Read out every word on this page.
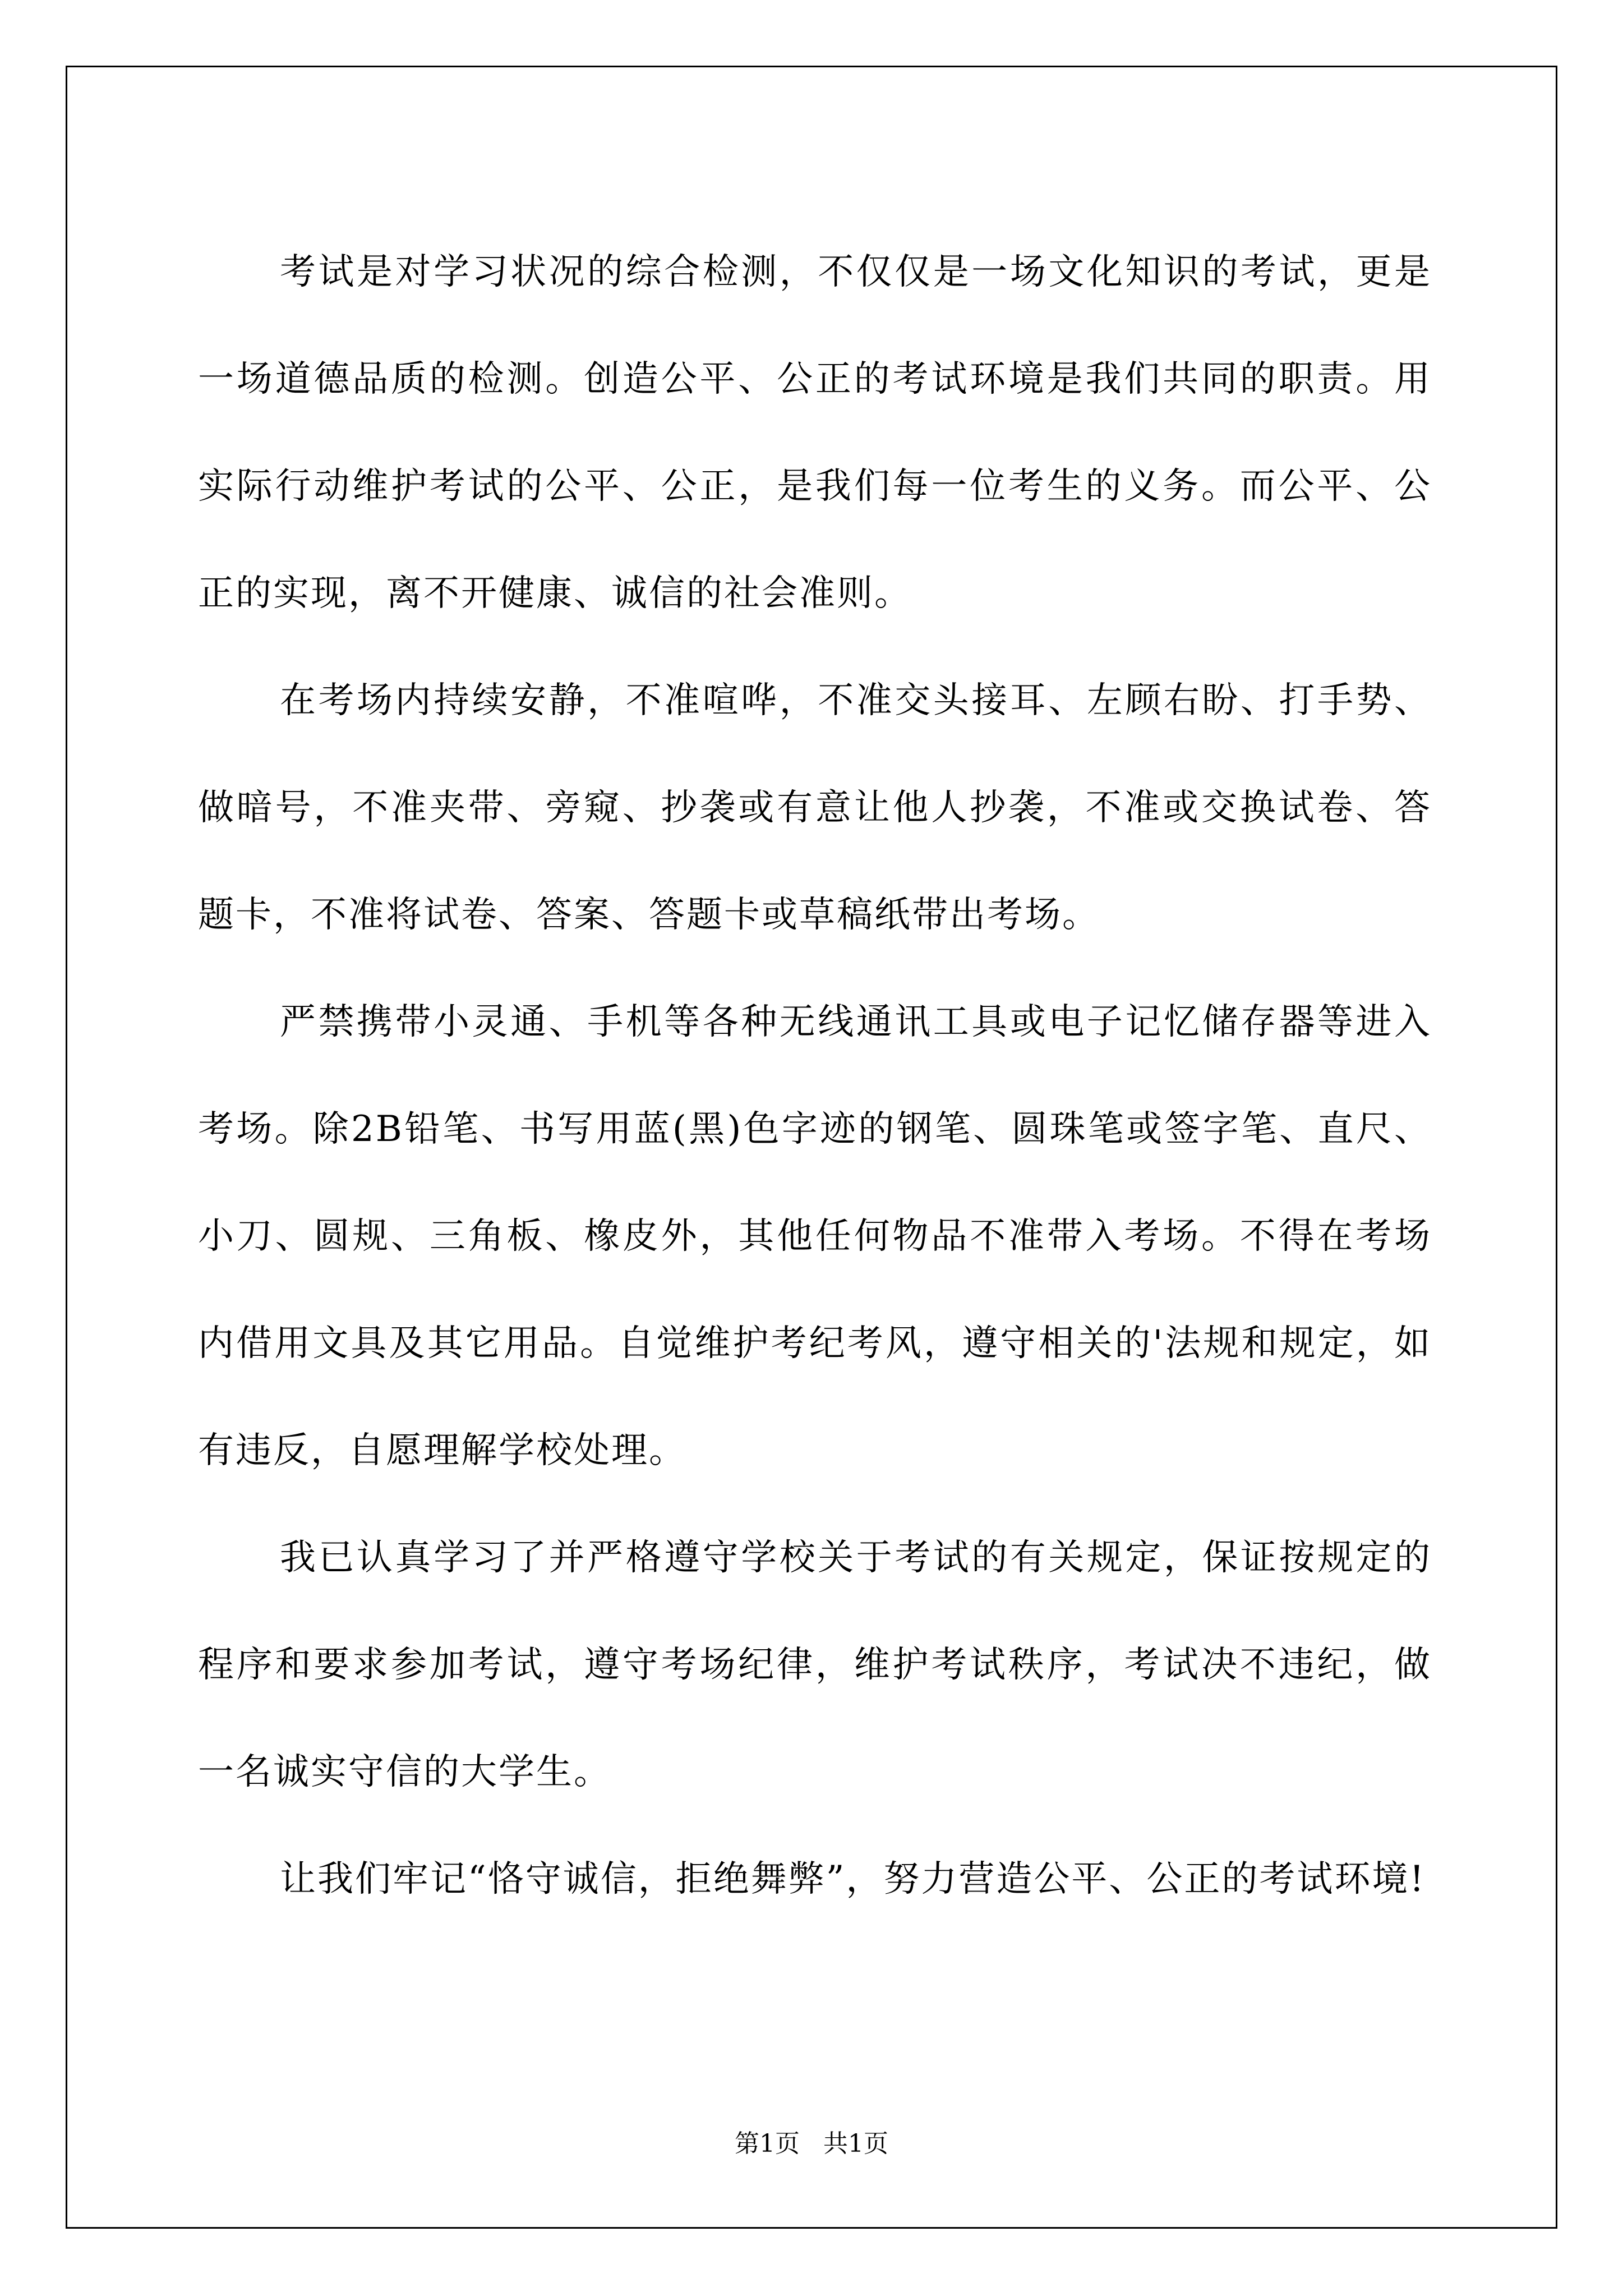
考试是对学习状况的综合检测，不仅仅是一场文化知识的考试，更是一场道德品质的检测。创造公平、公正的考试环境是我们共同的职责。用实际行动维护考试的公平、公正，是我们每一位考生的义务。而公平、公正的实现，离不开健康、诚信的社会准则。

在考场内持续安静，不准喧哗，不准交头接耳、左顾右盼、打手势、做暗号，不准夹带、旁窥、抄袭或有意让他人抄袭，不准或交换试卷、答题卡，不准将试卷、答案、答题卡或草稿纸带出考场。

严禁携带小灵通、手机等各种无线通讯工具或电子记忆储存器等进入考场。除2B铅笔、书写用蓝(黑)色字迹的钢笔、圆珠笔或签字笔、直尺、小刀、圆规、三角板、橡皮外，其他任何物品不准带入考场。不得在考场内借用文具及其它用品。自觉维护考纪考风，遵守相关的'法规和规定，如有违反，自愿理解学校处理。

我已认真学习了并严格遵守学校关于考试的有关规定，保证按规定的程序和要求参加考试，遵守考场纪律，维护考试秩序，考试决不违纪，做一名诚实守信的大学生。

让我们牢记“恪守诚信，拒绝舞弊”，努力营造公平、公正的考试环境!

第1页   共1页
